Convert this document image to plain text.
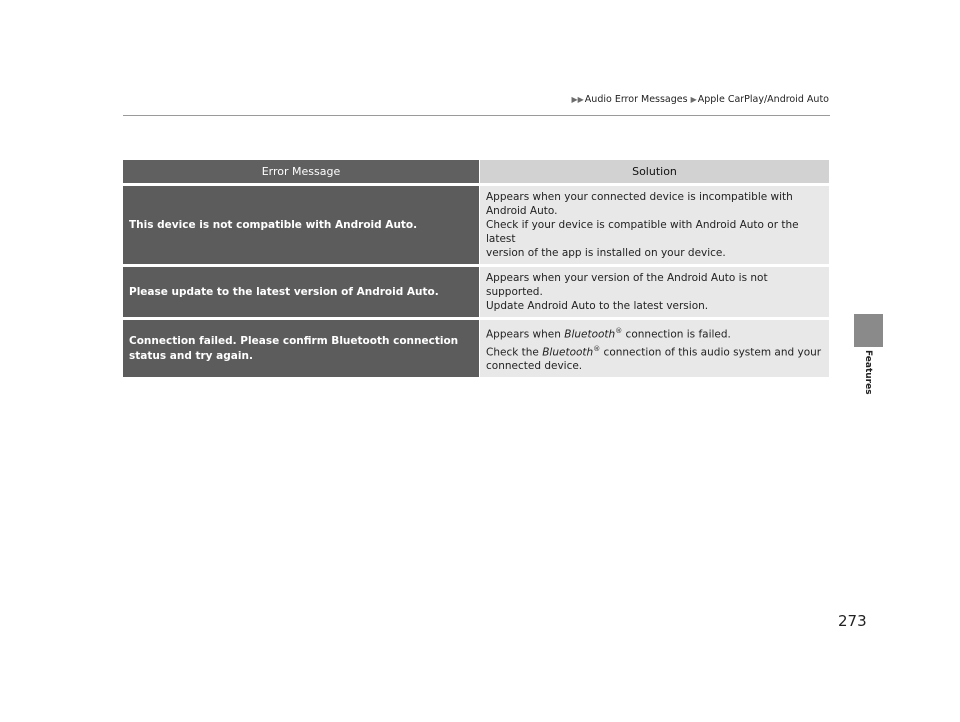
▶▶ Audio Error Messages ▶ Apple CarPlay/Android Auto
Error Message	Solution
This device is not compatible with Android Auto.	Appears when your connected device is incompatible with
Android Auto.
Check if your device is compatible with Android Auto or the latest
version of the app is installed on your device.

Please update to the latest version of Android Auto.	Appears when your version of the Android Auto is not supported.
Update Android Auto to the latest version.

Connection failed. Please confirm Bluetooth connection status and try again.	Appears when Bluetooth® connection is failed.
Check the Bluetooth® connection of this audio system and your
connected device.	Features
273
